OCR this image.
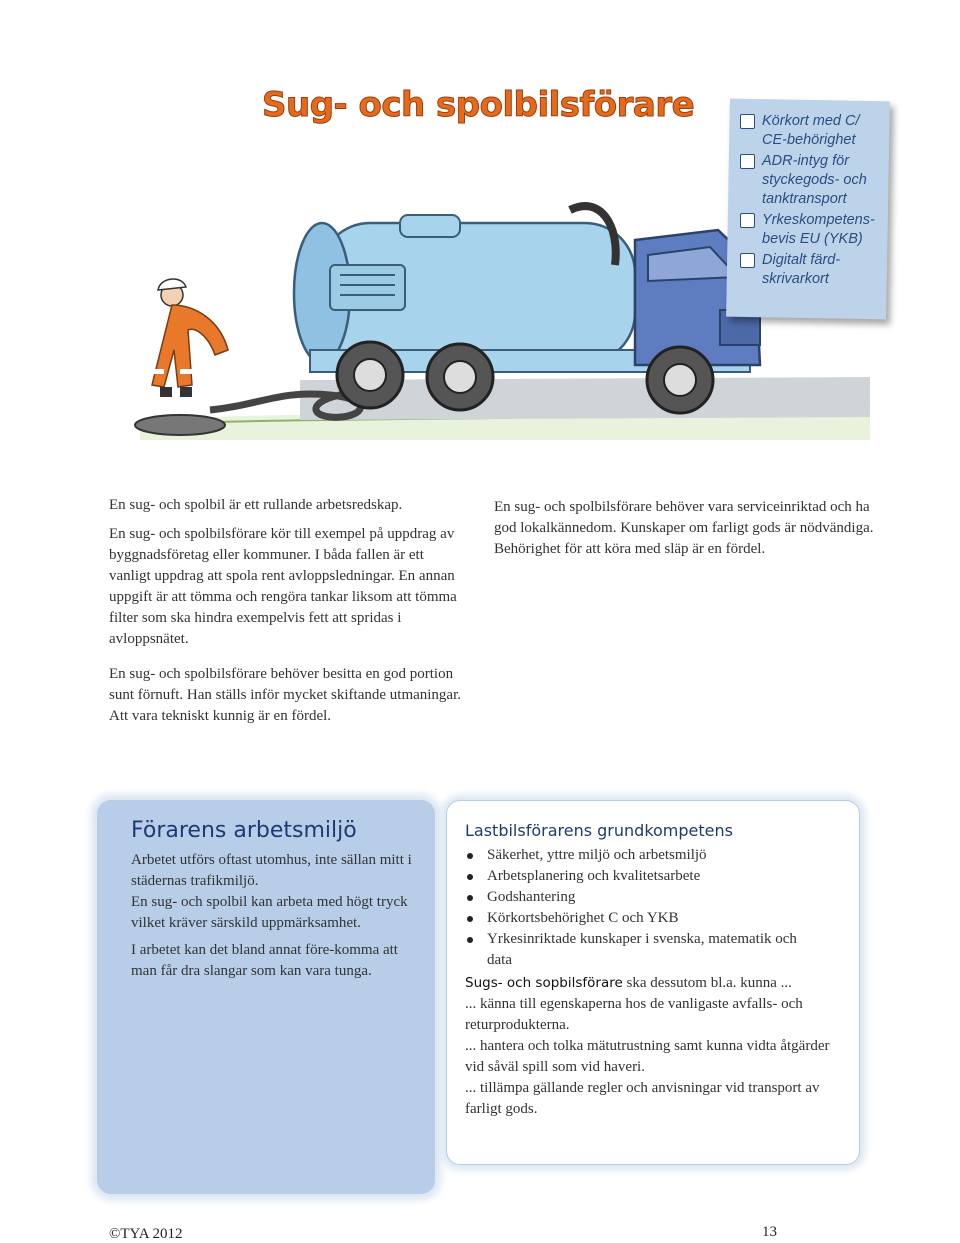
Sug- och spolbilsförare	Körkort med C/ CE-behörighet
ADR-intyg för styckegods- och tanktransport
Yrkeskompetens-bevis EU (YKB)
Digitalt färd-skrivarkort

En sug- och spolbil är ett rullande arbetsredskap.

En sug- och spolbilsförare kör till exempel på uppdrag av byggnadsföretag eller kommuner. I båda fallen är ett vanligt uppdrag att spola rent avloppsledningar. En annan uppgift är att tömma och rengöra tankar liksom att tömma filter som ska hindra exempelvis fett att spridas i avloppsnätet.

En sug- och spolbilsförare behöver besitta en god portion sunt förnuft. Han ställs inför mycket skiftande utmaningar. Att vara tekniskt kunnig är en fördel.

En sug- och spolbilsförare behöver vara serviceinriktad och ha god lokalkännedom. Kunskaper om farligt gods är nödvändiga. Behörighet för att köra med släp är en fördel.

Förarens arbetsmiljö

Arbetet utförs oftast utomhus, inte sällan mitt i städernas trafikmiljö.

En sug- och spolbil kan arbeta med högt tryck vilket kräver särskild uppmärksamhet.

I arbetet kan det bland annat före-komma att man får dra slangar som kan vara tunga.

Lastbilsförarens grundkompetens
Säkerhet, yttre miljö och arbetsmiljö
Arbetsplanering och kvalitetsarbete
Godshantering
Körkortsbehörighet C och YKB
Yrkesinriktade kunskaper i svenska, matematik och data

Sugs- och sopbilsförare ska dessutom bl.a. kunna ...

... känna till egenskaperna hos de vanligaste avfalls- och returprodukterna.

... hantera och tolka mätutrustning samt kunna vidta åtgärder vid såväl spill som vid haveri.

... tillämpa gällande regler och anvisningar vid transport av farligt gods.

©TYA 2012	13
